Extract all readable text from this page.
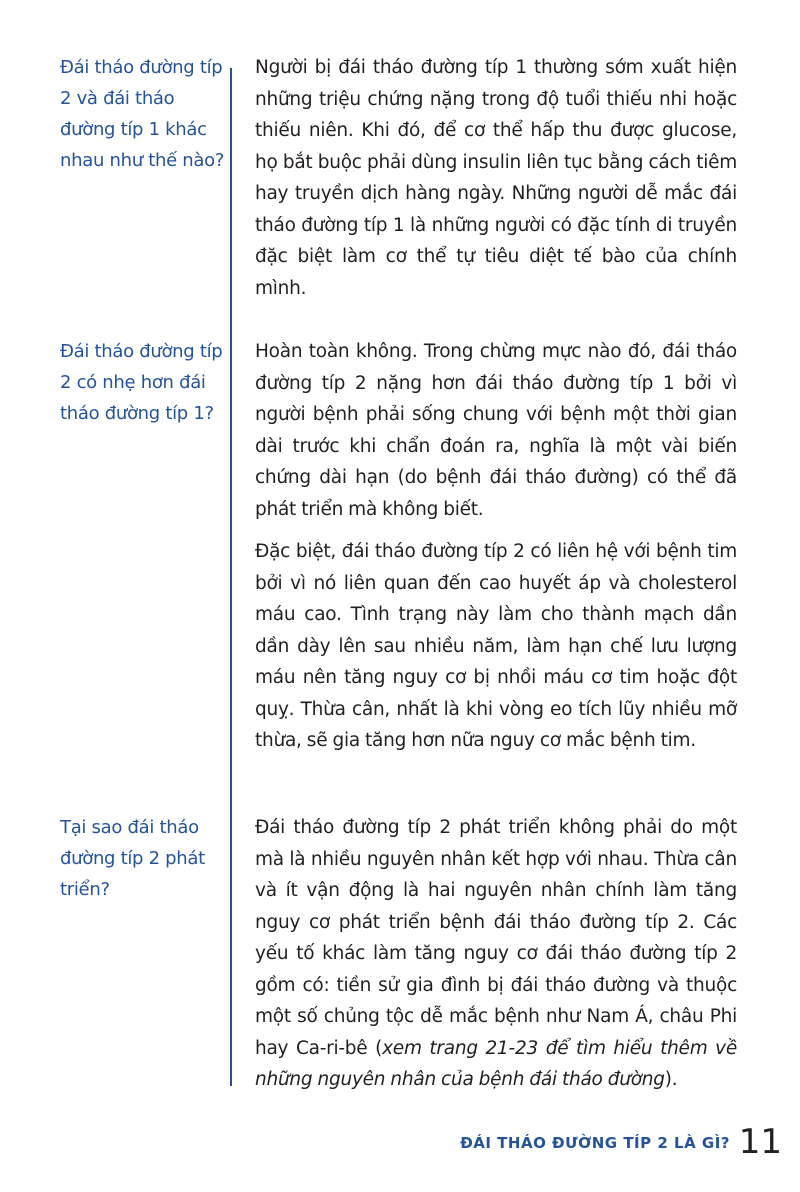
Đái tháo đường típ 2 và đái tháo đường típ 1 khác nhau như thế nào?

Người bị đái tháo đường típ 1 thường sớm xuất hiện những triệu chứng nặng trong độ tuổi thiếu nhi hoặc thiếu niên. Khi đó, để cơ thể hấp thu được glucose, họ bắt buộc phải dùng insulin liên tục bằng cách tiêm hay truyền dịch hàng ngày. Những người dễ mắc đái tháo đường típ 1 là những người có đặc tính di truyền đặc biệt làm cơ thể tự tiêu diệt tế bào của chính mình.

Đái tháo đường típ 2 có nhẹ hơn đái tháo đường típ 1?

Hoàn toàn không. Trong chừng mực nào đó, đái tháo đường típ 2 nặng hơn đái tháo đường típ 1 bởi vì người bệnh phải sống chung với bệnh một thời gian dài trước khi chẩn đoán ra, nghĩa là một vài biến chứng dài hạn (do bệnh đái tháo đường) có thể đã phát triển mà không biết.

Đặc biệt, đái tháo đường típ 2 có liên hệ với bệnh tim bởi vì nó liên quan đến cao huyết áp và cholesterol máu cao. Tình trạng này làm cho thành mạch dần dần dày lên sau nhiều năm, làm hạn chế lưu lượng máu nên tăng nguy cơ bị nhồi máu cơ tim hoặc đột quỵ. Thừa cân, nhất là khi vòng eo tích lũy nhiều mỡ thừa, sẽ gia tăng hơn nữa nguy cơ mắc bệnh tim.

Tại sao đái tháo đường típ 2 phát triển?

Đái tháo đường típ 2 phát triển không phải do một mà là nhiều nguyên nhân kết hợp với nhau. Thừa cân và ít vận động là hai nguyên nhân chính làm tăng nguy cơ phát triển bệnh đái tháo đường típ 2. Các yếu tố khác làm tăng nguy cơ đái tháo đường típ 2 gồm có: tiền sử gia đình bị đái tháo đường và thuộc một số chủng tộc dễ mắc bệnh như Nam Á, châu Phi hay Ca-ri-bê (xem trang 21-23 để tìm hiểu thêm về những nguyên nhân của bệnh đái tháo đường).

ĐÁI THÁO ĐƯỜNG TÍP 2 LÀ GÌ? 11
